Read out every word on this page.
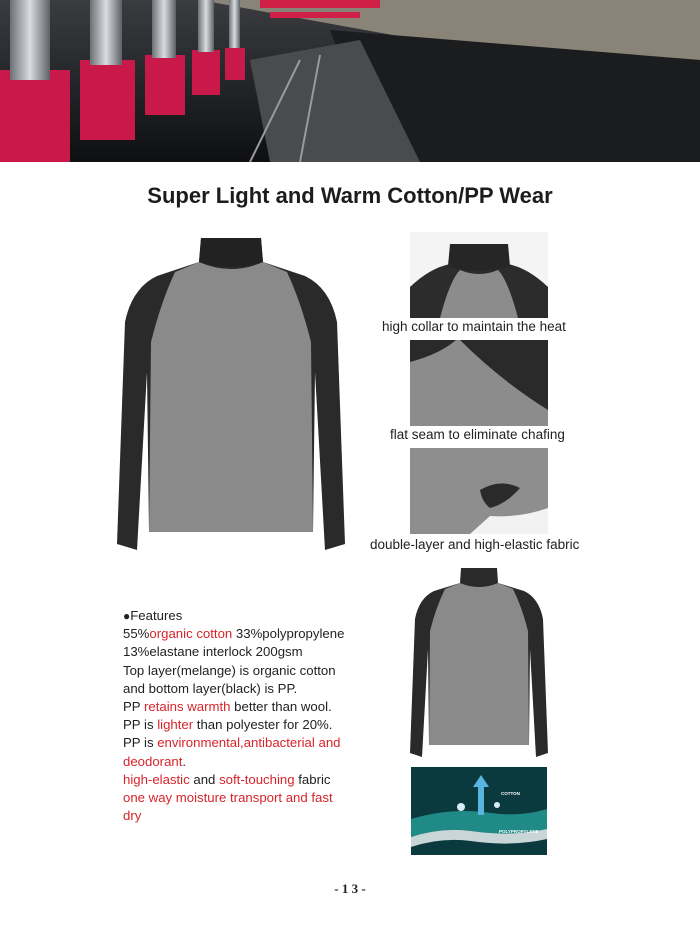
Super Light and Warm Cotton/PP Wear
high collar to maintain the heat
flat seam to eliminate chafing
double-layer and high-elastic fabric
COTTON
POLYPROPYLENE
●Features
55%organic cotton 33%polypropylene
13%elastane interlock 200gsm
Top layer(melange) is organic cotton
and bottom layer(black) is PP.
PP retains warmth better than wool.
PP is lighter than polyester for 20%.
PP is environmental,antibacterial and
deodorant.
high-elastic and soft-touching fabric
one way moisture transport and fast
dry
- 1 3 -
